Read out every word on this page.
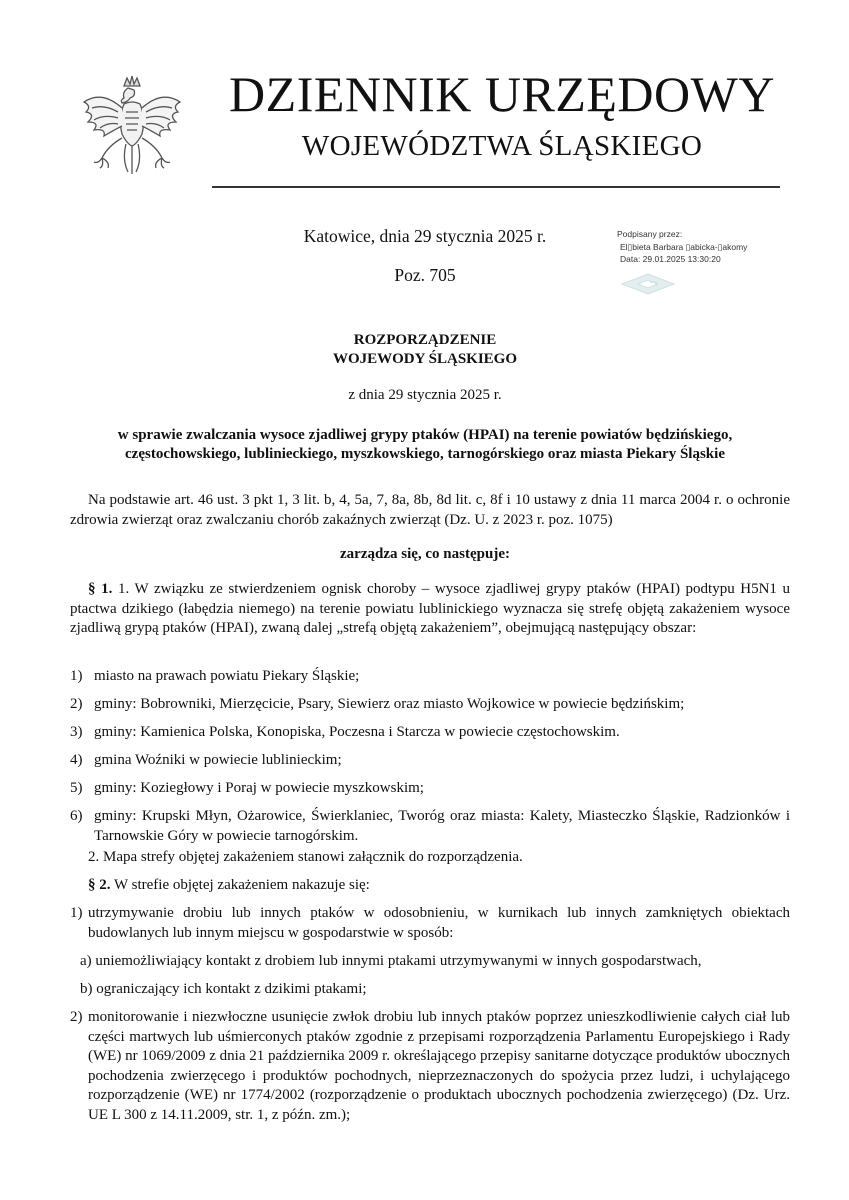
DZIENNIK URZĘDOWY
WOJEWÓDZTWA ŚLĄSKIEGO
Katowice, dnia 29 stycznia 2025 r.
Poz. 705
Podpisany przez:
El▯bieta Barbara ▯abicka-▯akomy
Data: 29.01.2025 13:30:20
ROZPORZĄDZENIE
WOJEWODY ŚLĄSKIEGO
z dnia 29 stycznia 2025 r.
w sprawie zwalczania wysoce zjadliwej grypy ptaków (HPAI) na terenie powiatów będzińskiego,
częstochowskiego, lublinieckiego, myszkowskiego, tarnogórskiego oraz miasta Piekary Śląskie
Na podstawie art. 46 ust. 3 pkt 1, 3 lit. b, 4, 5a, 7, 8a, 8b, 8d lit. c, 8f i 10 ustawy z dnia 11 marca 2004 r. o ochronie zdrowia zwierząt oraz zwalczaniu chorób zakaźnych zwierząt (Dz. U. z 2023 r. poz. 1075)
zarządza się, co następuje:
§ 1. 1. W związku ze stwierdzeniem ognisk choroby – wysoce zjadliwej grypy ptaków (HPAI) podtypu H5N1 u ptactwa dzikiego (łabędzia niemego) na terenie powiatu lublinickiego wyznacza się strefę objętą zakażeniem wysoce zjadliwą grypą ptaków (HPAI), zwaną dalej „strefą objętą zakażeniem”, obejmującą następujący obszar:
1) miasto na prawach powiatu Piekary Śląskie;
2) gminy: Bobrowniki, Mierzęcicie, Psary, Siewierz oraz miasto Wojkowice w powiecie będzińskim;
3) gminy: Kamienica Polska, Konopiska, Poczesna i Starcza w powiecie częstochowskim.
4) gmina Woźniki w powiecie lublinieckim;
5) gminy: Koziegłowy i Poraj w powiecie myszkowskim;
6) gminy: Krupski Młyn, Ożarowice, Świerklaniec, Tworóg oraz miasta: Kalety, Miasteczko Śląskie, Radzionków i Tarnowskie Góry w powiecie tarnogórskim.
2. Mapa strefy objętej zakażeniem stanowi załącznik do rozporządzenia.
§ 2. W strefie objętej zakażeniem nakazuje się:
1) utrzymywanie drobiu lub innych ptaków w odosobnieniu, w kurnikach lub innych zamkniętych obiektach budowlanych lub innym miejscu w gospodarstwie w sposób:
a) uniemożliwiający kontakt z drobiem lub innymi ptakami utrzymywanymi w innych gospodarstwach,
b) ograniczający ich kontakt z dzikimi ptakami;
2) monitorowanie i niezwłoczne usunięcie zwłok drobiu lub innych ptaków poprzez unieszkodliwienie całych ciał lub części martwych lub uśmierconych ptaków zgodnie z przepisami rozporządzenia Parlamentu Europejskiego i Rady (WE) nr 1069/2009 z dnia 21 października 2009 r. określającego przepisy sanitarne dotyczące produktów ubocznych pochodzenia zwierzęcego i produktów pochodnych, nieprzeznaczonych do spożycia przez ludzi, i uchylającego rozporządzenie (WE) nr 1774/2002 (rozporządzenie o produktach ubocznych pochodzenia zwierzęcego) (Dz. Urz. UE L 300 z 14.11.2009, str. 1, z późn. zm.);
